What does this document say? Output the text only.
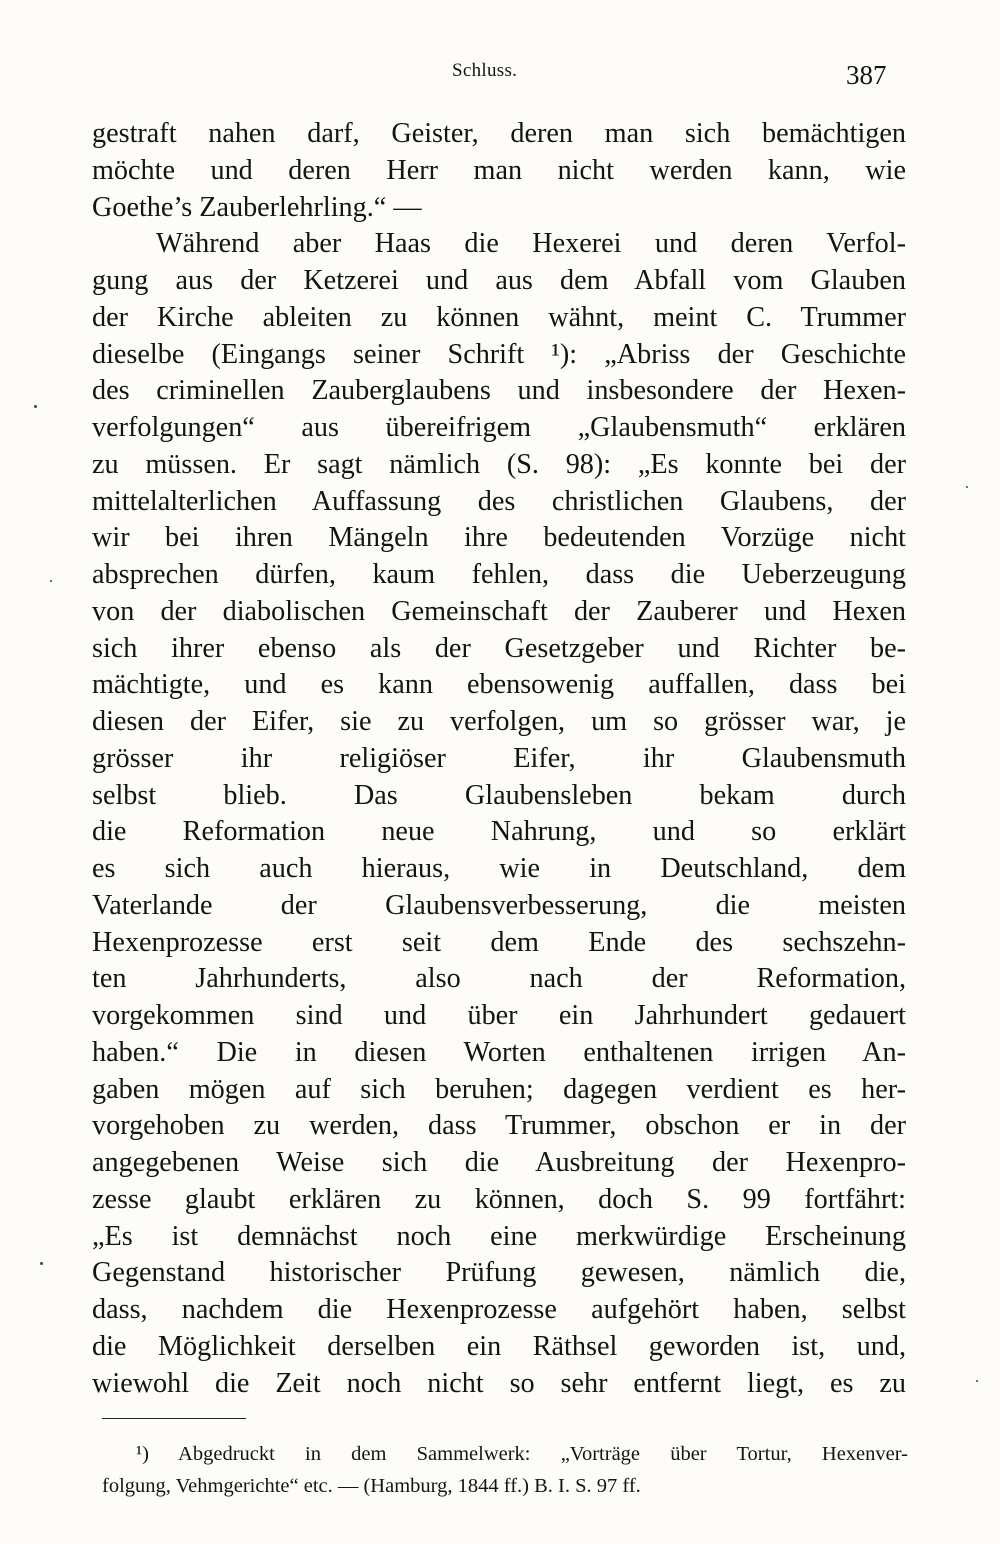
Schluss.	387
gestraft nahen darf, Geister, deren man sich bemächtigen
möchte und deren Herr man nicht werden kann, wie
Goethe’s Zauberlehrling.“ —
Während aber Haas die Hexerei und deren Verfol-
gung aus der Ketzerei und aus dem Abfall vom Glauben
der Kirche ableiten zu können wähnt, meint C. Trummer
dieselbe (Eingangs seiner Schrift ¹): „Abriss der Geschichte
des criminellen Zauberglaubens und insbesondere der Hexen-
verfolgungen“ aus übereifrigem „Glaubensmuth“ erklären
zu müssen. Er sagt nämlich (S. 98): „Es konnte bei der
mittelalterlichen Auffassung des christlichen Glaubens, der
wir bei ihren Mängeln ihre bedeutenden Vorzüge nicht
absprechen dürfen, kaum fehlen, dass die Ueberzeugung
von der diabolischen Gemeinschaft der Zauberer und Hexen
sich ihrer ebenso als der Gesetzgeber und Richter be-
mächtigte, und es kann ebensowenig auffallen, dass bei
diesen der Eifer, sie zu verfolgen, um so grösser war, je
grösser ihr religiöser Eifer, ihr Glaubensmuth
selbst blieb. Das Glaubensleben bekam durch
die Reformation neue Nahrung, und so erklärt
es sich auch hieraus, wie in Deutschland, dem
Vaterlande der Glaubensverbesserung, die meisten
Hexenprozesse erst seit dem Ende des sechszehn-
ten Jahrhunderts, also nach der Reformation,
vorgekommen sind und über ein Jahrhundert gedauert
haben.“ Die in diesen Worten enthaltenen irrigen An-
gaben mögen auf sich beruhen; dagegen verdient es her-
vorgehoben zu werden, dass Trummer, obschon er in der
angegebenen Weise sich die Ausbreitung der Hexenpro-
zesse glaubt erklären zu können, doch S. 99 fortfährt:
„Es ist demnächst noch eine merkwürdige Erscheinung
Gegenstand historischer Prüfung gewesen, nämlich die,
dass, nachdem die Hexenprozesse aufgehört haben, selbst
die Möglichkeit derselben ein Räthsel geworden ist, und,
wiewohl die Zeit noch nicht so sehr entfernt liegt, es zu
¹) Abgedruckt in dem Sammelwerk: „Vorträge über Tortur, Hexenver-
folgung, Vehmgerichte“ etc. — (Hamburg, 1844 ff.) B. I. S. 97 ff.
